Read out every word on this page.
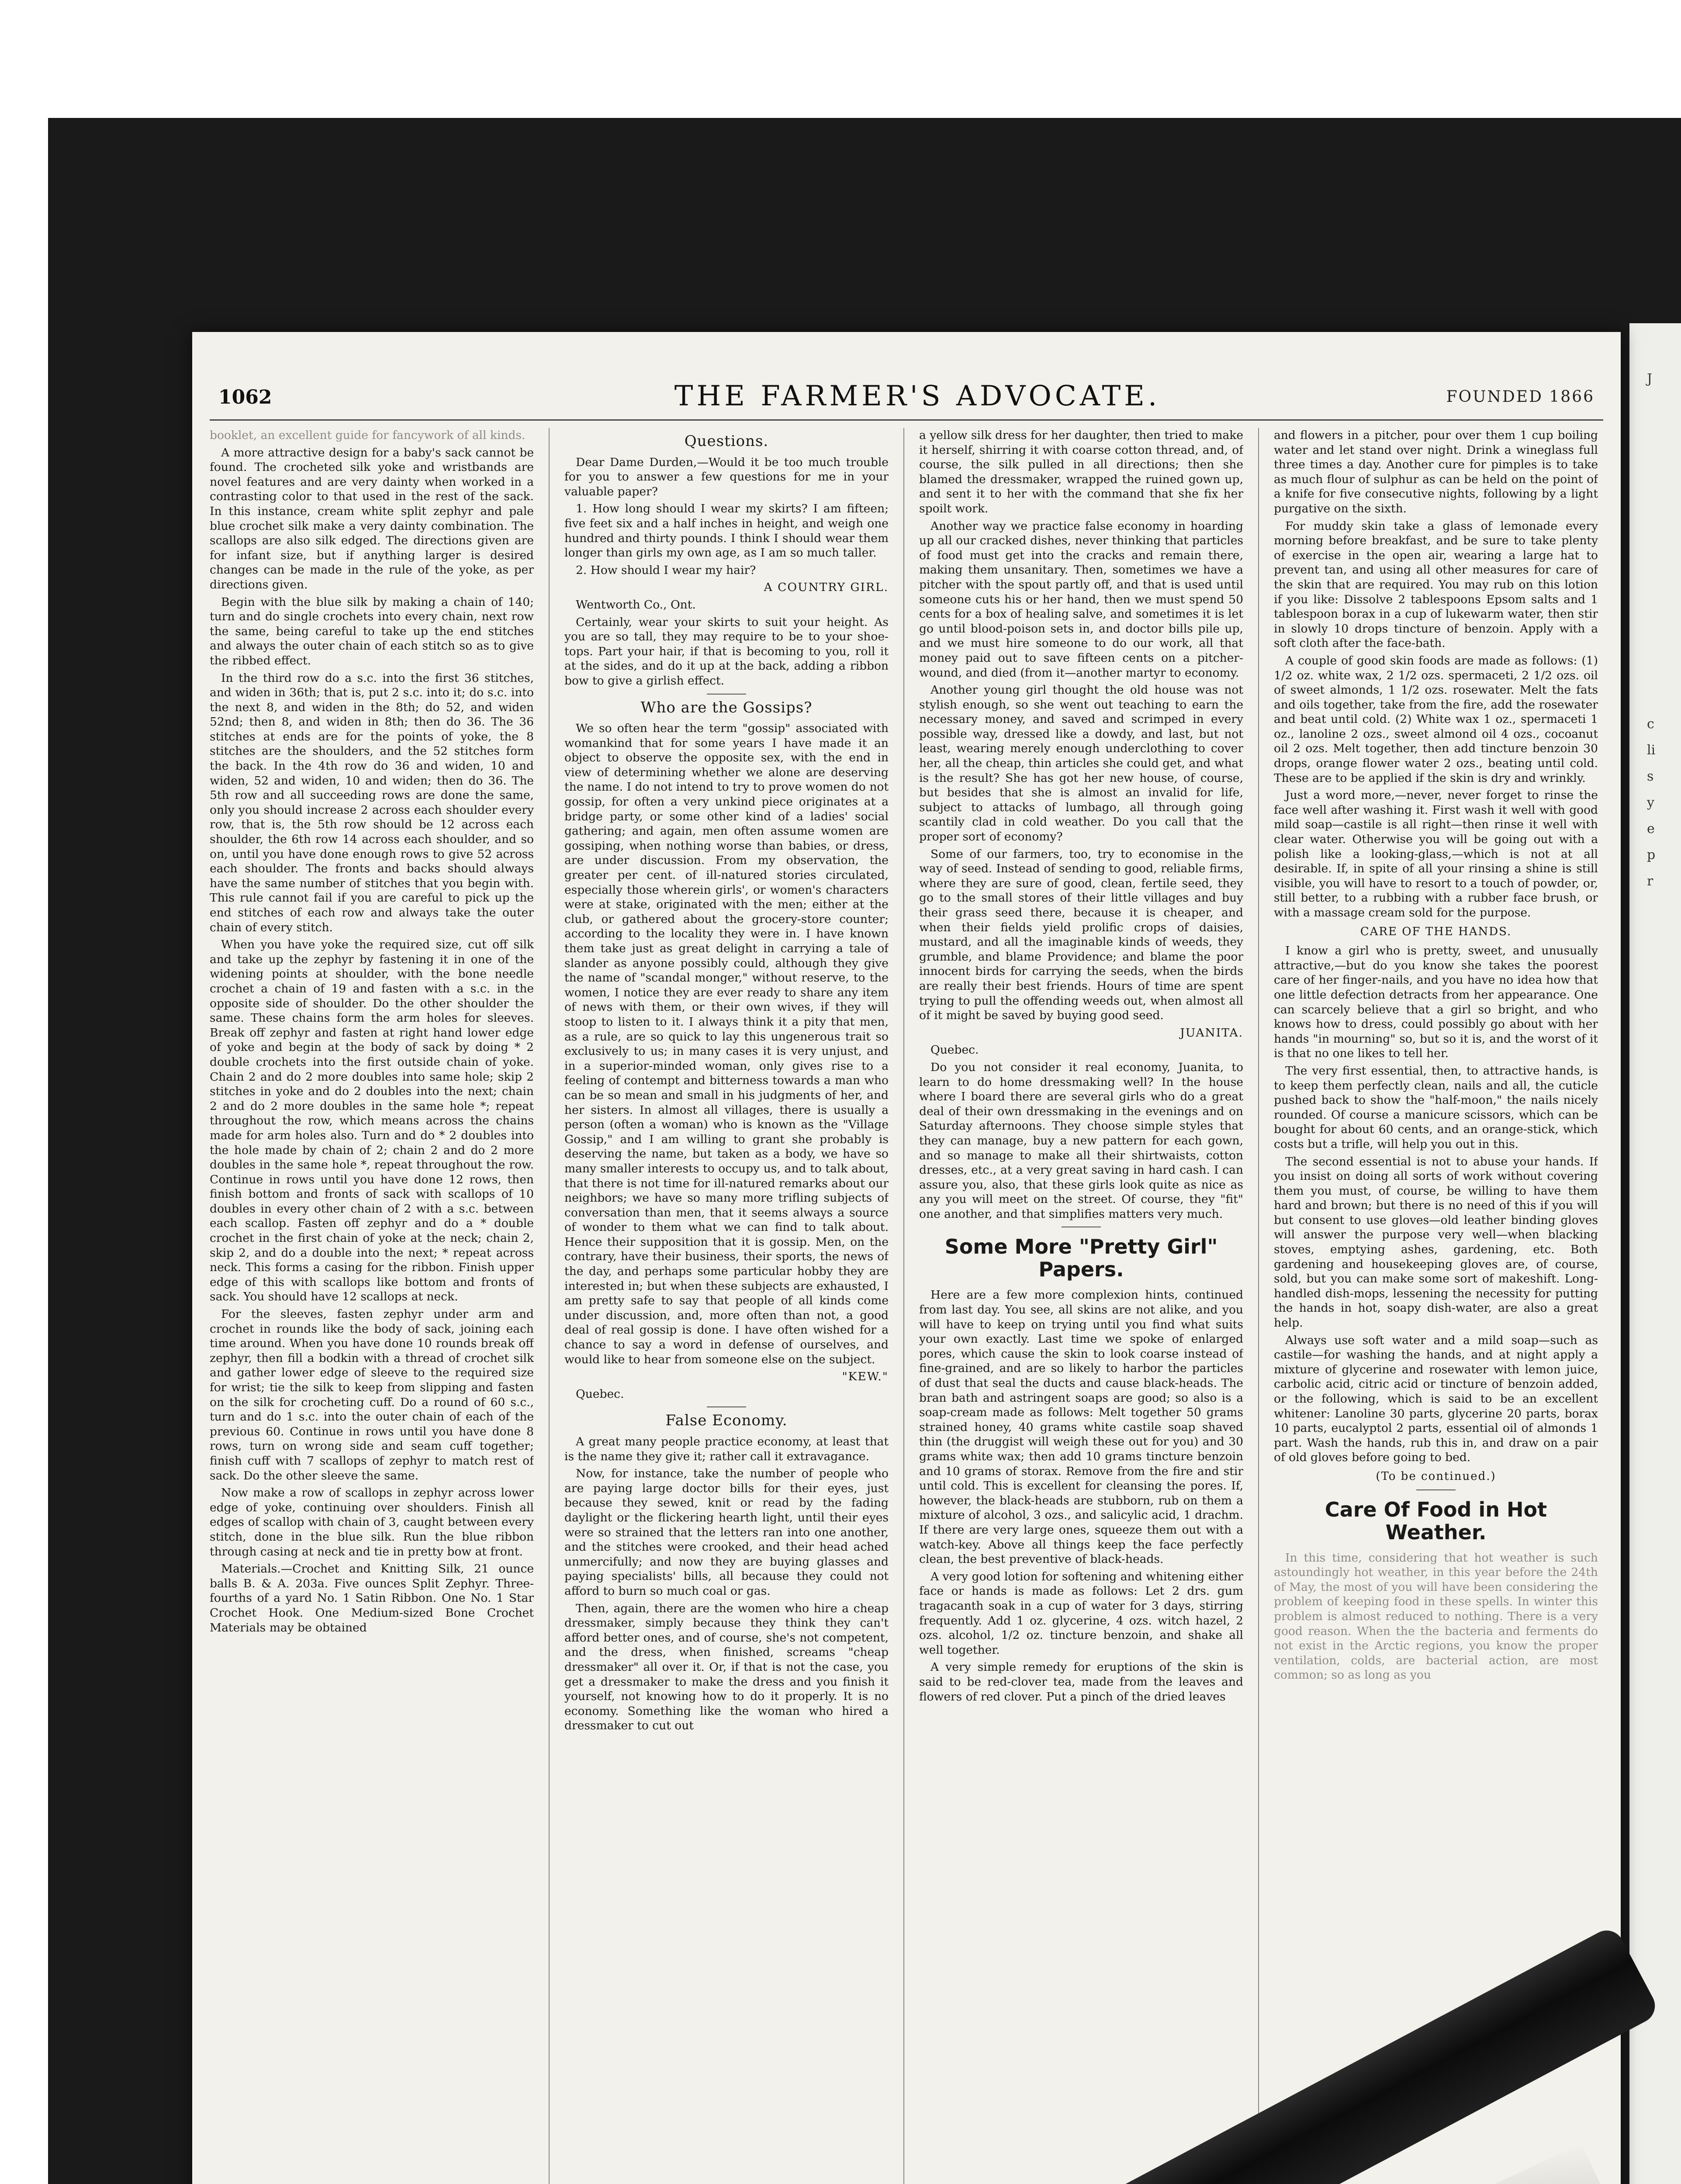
J
c
li
s
y
e
p
r
1062	THE FARMER'S ADVOCATE.	FOUNDED 1866

booklet, an excellent guide for fancywork of all kinds.

A more attractive design for a baby's sack cannot be found. The crocheted silk yoke and wristbands are novel features and are very dainty when worked in a contrasting color to that used in the rest of the sack. In this instance, cream white split zephyr and pale blue crochet silk make a very dainty combination. The scallops are also silk edged. The directions given are for infant size, but if anything larger is desired changes can be made in the rule of the yoke, as per directions given.

Begin with the blue silk by making a chain of 140; turn and do single crochets into every chain, next row the same, being careful to take up the end stitches and always the outer chain of each stitch so as to give the ribbed effect.

In the third row do a s.c. into the first 36 stitches, and widen in 36th; that is, put 2 s.c. into it; do s.c. into the next 8, and widen in the 8th; do 52, and widen 52nd; then 8, and widen in 8th; then do 36. The 36 stitches at ends are for the points of yoke, the 8 stitches are the shoulders, and the 52 stitches form the back. In the 4th row do 36 and widen, 10 and widen, 52 and widen, 10 and widen; then do 36. The 5th row and all succeeding rows are done the same, only you should increase 2 across each shoulder every row, that is, the 5th row should be 12 across each shoulder, the 6th row 14 across each shoulder, and so on, until you have done enough rows to give 52 across each shoulder. The fronts and backs should always have the same number of stitches that you begin with. This rule cannot fail if you are careful to pick up the end stitches of each row and always take the outer chain of every stitch.

When you have yoke the required size, cut off silk and take up the zephyr by fastening it in one of the widening points at shoulder, with the bone needle crochet a chain of 19 and fasten with a s.c. in the opposite side of shoulder. Do the other shoulder the same. These chains form the arm holes for sleeves. Break off zephyr and fasten at right hand lower edge of yoke and begin at the body of sack by doing * 2 double crochets into the first outside chain of yoke. Chain 2 and do 2 more doubles into same hole; skip 2 stitches in yoke and do 2 doubles into the next; chain 2 and do 2 more doubles in the same hole *; repeat throughout the row, which means across the chains made for arm holes also. Turn and do * 2 doubles into the hole made by chain of 2; chain 2 and do 2 more doubles in the same hole *, repeat throughout the row. Continue in rows until you have done 12 rows, then finish bottom and fronts of sack with scallops of 10 doubles in every other chain of 2 with a s.c. between each scallop. Fasten off zephyr and do a * double crochet in the first chain of yoke at the neck; chain 2, skip 2, and do a double into the next; * repeat across neck. This forms a casing for the ribbon. Finish upper edge of this with scallops like bottom and fronts of sack. You should have 12 scallops at neck.

For the sleeves, fasten zephyr under arm and crochet in rounds like the body of sack, joining each time around. When you have done 10 rounds break off zephyr, then fill a bodkin with a thread of crochet silk and gather lower edge of sleeve to the required size for wrist; tie the silk to keep from slipping and fasten on the silk for crocheting cuff. Do a round of 60 s.c., turn and do 1 s.c. into the outer chain of each of the previous 60. Continue in rows until you have done 8 rows, turn on wrong side and seam cuff together; finish cuff with 7 scallops of zephyr to match rest of sack. Do the other sleeve the same.

Now make a row of scallops in zephyr across lower edge of yoke, continuing over shoulders. Finish all edges of scallop with chain of 3, caught between every stitch, done in the blue silk. Run the blue ribbon through casing at neck and tie in pretty bow at front.

Materials.—Crochet and Knitting Silk, 21 ounce balls B. & A. 203a. Five ounces Split Zephyr. Three-fourths of a yard No. 1 Satin Ribbon. One No. 1 Star Crochet Hook. One Medium-sized Bone Crochet Materials may be obtained

Questions.

Dear Dame Durden,—Would it be too much trouble for you to answer a few questions for me in your valuable paper?

1. How long should I wear my skirts? I am fifteen; five feet six and a half inches in height, and weigh one hundred and thirty pounds. I think I should wear them longer than girls my own age, as I am so much taller.

2. How should I wear my hair?

A COUNTRY GIRL.

Wentworth Co., Ont.

Certainly, wear your skirts to suit your height. As you are so tall, they may require to be to your shoe-tops. Part your hair, if that is becoming to you, roll it at the sides, and do it up at the back, adding a ribbon bow to give a girlish effect.

Who are the Gossips?

We so often hear the term "gossip" associated with womankind that for some years I have made it an object to observe the opposite sex, with the end in view of determining whether we alone are deserving the name. I do not intend to try to prove women do not gossip, for often a very unkind piece originates at a bridge party, or some other kind of a ladies' social gathering; and again, men often assume women are gossiping, when nothing worse than babies, or dress, are under discussion. From my observation, the greater per cent. of ill-natured stories circulated, especially those wherein girls', or women's characters were at stake, originated with the men; either at the club, or gathered about the grocery-store counter; according to the locality they were in. I have known them take just as great delight in carrying a tale of slander as anyone possibly could, although they give the name of "scandal monger," without reserve, to the women, I notice they are ever ready to share any item of news with them, or their own wives, if they will stoop to listen to it. I always think it a pity that men, as a rule, are so quick to lay this ungenerous trait so exclusively to us; in many cases it is very unjust, and in a superior-minded woman, only gives rise to a feeling of contempt and bitterness towards a man who can be so mean and small in his judgments of her, and her sisters. In almost all villages, there is usually a person (often a woman) who is known as the "Village Gossip," and I am willing to grant she probably is deserving the name, but taken as a body, we have so many smaller interests to occupy us, and to talk about, that there is not time for ill-natured remarks about our neighbors; we have so many more trifling subjects of conversation than men, that it seems always a source of wonder to them what we can find to talk about. Hence their supposition that it is gossip. Men, on the contrary, have their business, their sports, the news of the day, and perhaps some particular hobby they are interested in; but when these subjects are exhausted, I am pretty safe to say that people of all kinds come under discussion, and, more often than not, a good deal of real gossip is done. I have often wished for a chance to say a word in defense of ourselves, and would like to hear from someone else on the subject.

"KEW."

Quebec.

False Economy.

A great many people practice economy, at least that is the name they give it; rather call it extravagance.

Now, for instance, take the number of people who are paying large doctor bills for their eyes, just because they sewed, knit or read by the fading daylight or the flickering hearth light, until their eyes were so strained that the letters ran into one another, and the stitches were crooked, and their head ached unmercifully; and now they are buying glasses and paying specialists' bills, all because they could not afford to burn so much coal or gas.

Then, again, there are the women who hire a cheap dressmaker, simply because they think they can't afford better ones, and of course, she's not competent, and the dress, when finished, screams "cheap dressmaker" all over it. Or, if that is not the case, you get a dressmaker to make the dress and you finish it yourself, not knowing how to do it properly. It is no economy. Something like the woman who hired a dressmaker to cut out

a yellow silk dress for her daughter, then tried to make it herself, shirring it with coarse cotton thread, and, of course, the silk pulled in all directions; then she blamed the dressmaker, wrapped the ruined gown up, and sent it to her with the command that she fix her spoilt work.

Another way we practice false economy in hoarding up all our cracked dishes, never thinking that particles of food must get into the cracks and remain there, making them unsanitary. Then, sometimes we have a pitcher with the spout partly off, and that is used until someone cuts his or her hand, then we must spend 50 cents for a box of healing salve, and sometimes it is let go until blood-poison sets in, and doctor bills pile up, and we must hire someone to do our work, all that money paid out to save fifteen cents on a pitcher-wound, and died (from it—another martyr to economy.

Another young girl thought the old house was not stylish enough, so she went out teaching to earn the necessary money, and saved and scrimped in every possible way, dressed like a dowdy, and last, but not least, wearing merely enough underclothing to cover her, all the cheap, thin articles she could get, and what is the result? She has got her new house, of course, but besides that she is almost an invalid for life, subject to attacks of lumbago, all through going scantily clad in cold weather. Do you call that the proper sort of economy?

Some of our farmers, too, try to economise in the way of seed. Instead of sending to good, reliable firms, where they are sure of good, clean, fertile seed, they go to the small stores of their little villages and buy their grass seed there, because it is cheaper, and when their fields yield prolific crops of daisies, mustard, and all the imaginable kinds of weeds, they grumble, and blame Providence; and blame the poor innocent birds for carrying the seeds, when the birds are really their best friends. Hours of time are spent trying to pull the offending weeds out, when almost all of it might be saved by buying good seed.

JUANITA.

Quebec.

Do you not consider it real economy, Juanita, to learn to do home dressmaking well? In the house where I board there are several girls who do a great deal of their own dressmaking in the evenings and on Saturday afternoons. They choose simple styles that they can manage, buy a new pattern for each gown, and so manage to make all their shirtwaists, cotton dresses, etc., at a very great saving in hard cash. I can assure you, also, that these girls look quite as nice as any you will meet on the street. Of course, they "fit" one another, and that simplifies matters very much.

Some More "Pretty Girl" Papers.

Here are a few more complexion hints, continued from last day. You see, all skins are not alike, and you will have to keep on trying until you find what suits your own exactly. Last time we spoke of enlarged pores, which cause the skin to look coarse instead of fine-grained, and are so likely to harbor the particles of dust that seal the ducts and cause black-heads. The bran bath and astringent soaps are good; so also is a soap-cream made as follows: Melt together 50 grams strained honey, 40 grams white castile soap shaved thin (the druggist will weigh these out for you) and 30 grams white wax; then add 10 grams tincture benzoin and 10 grams of storax. Remove from the fire and stir until cold. This is excellent for cleansing the pores. If, however, the black-heads are stubborn, rub on them a mixture of alcohol, 3 ozs., and salicylic acid, 1 drachm. If there are very large ones, squeeze them out with a watch-key. Above all things keep the face perfectly clean, the best preventive of black-heads.

A very good lotion for softening and whitening either face or hands is made as follows: Let 2 drs. gum tragacanth soak in a cup of water for 3 days, stirring frequently. Add 1 oz. glycerine, 4 ozs. witch hazel, 2 ozs. alcohol, 1/2 oz. tincture benzoin, and shake all well together.

A very simple remedy for eruptions of the skin is said to be red-clover tea, made from the leaves and flowers of red clover. Put a pinch of the dried leaves

and flowers in a pitcher, pour over them 1 cup boiling water and let stand over night. Drink a wineglass full three times a day. Another cure for pimples is to take as much flour of sulphur as can be held on the point of a knife for five consecutive nights, following by a light purgative on the sixth.

For muddy skin take a glass of lemonade every morning before breakfast, and be sure to take plenty of exercise in the open air, wearing a large hat to prevent tan, and using all other measures for care of the skin that are required. You may rub on this lotion if you like: Dissolve 2 tablespoons Epsom salts and 1 tablespoon borax in a cup of lukewarm water, then stir in slowly 10 drops tincture of benzoin. Apply with a soft cloth after the face-bath.

A couple of good skin foods are made as follows: (1) 1/2 oz. white wax, 2 1/2 ozs. spermaceti, 2 1/2 ozs. oil of sweet almonds, 1 1/2 ozs. rosewater. Melt the fats and oils together, take from the fire, add the rosewater and beat until cold. (2) White wax 1 oz., spermaceti 1 oz., lanoline 2 ozs., sweet almond oil 4 ozs., cocoanut oil 2 ozs. Melt together, then add tincture benzoin 30 drops, orange flower water 2 ozs., beating until cold. These are to be applied if the skin is dry and wrinkly.

Just a word more,—never, never forget to rinse the face well after washing it. First wash it well with good mild soap—castile is all right—then rinse it well with clear water. Otherwise you will be going out with a polish like a looking-glass,—which is not at all desirable. If, in spite of all your rinsing a shine is still visible, you will have to resort to a touch of powder, or, still better, to a rubbing with a rubber face brush, or with a massage cream sold for the purpose.

CARE OF THE HANDS.

I know a girl who is pretty, sweet, and unusually attractive,—but do you know she takes the poorest care of her finger-nails, and you have no idea how that one little defection detracts from her appearance. One can scarcely believe that a girl so bright, and who knows how to dress, could possibly go about with her hands "in mourning" so, but so it is, and the worst of it is that no one likes to tell her.

The very first essential, then, to attractive hands, is to keep them perfectly clean, nails and all, the cuticle pushed back to show the "half-moon," the nails nicely rounded. Of course a manicure scissors, which can be bought for about 60 cents, and an orange-stick, which costs but a trifle, will help you out in this.

The second essential is not to abuse your hands. If you insist on doing all sorts of work without covering them you must, of course, be willing to have them hard and brown; but there is no need of this if you will but consent to use gloves—old leather binding gloves will answer the purpose very well—when blacking stoves, emptying ashes, gardening, etc. Both gardening and housekeeping gloves are, of course, sold, but you can make some sort of makeshift. Long-handled dish-mops, lessening the necessity for putting the hands in hot, soapy dish-water, are also a great help.

Always use soft water and a mild soap—such as castile—for washing the hands, and at night apply a mixture of glycerine and rosewater with lemon juice, carbolic acid, citric acid or tincture of benzoin added, or the following, which is said to be an excellent whitener: Lanoline 30 parts, glycerine 20 parts, borax 10 parts, eucalyptol 2 parts, essential oil of almonds 1 part. Wash the hands, rub this in, and draw on a pair of old gloves before going to bed.

(To be continued.)
Care Of Food in Hot Weather.

In this time, considering that hot weather is such astoundingly hot weather, in this year before the 24th of May, the most of you will have been considering the problem of keeping food in these spells. In winter this problem is almost reduced to nothing. There is a very good reason. When the the bacteria and ferments do not exist in the Arctic regions, you know the proper ventilation, colds, are bacterial action, are most common; so as long as you
